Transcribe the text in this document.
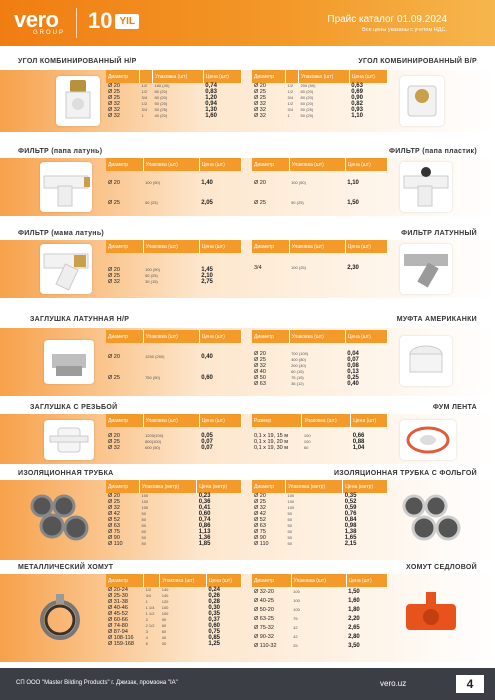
vero
GROUP 10 YIL	Прайс каталог 01.09.2024
Все цены указаны с учетом НДС.
УГОЛ КОМБИНИРОВАННЫЙ Н/Р	УГОЛ КОМБИНИРОВАННЫЙ В/Р
Диаметр		Упаковка (шт)	Цена (шт)
Ø 20	1/2	160 (40)	0,74
Ø 25	1/2	80 (20)	0,83
Ø 25	3/4	80 (20)	1,20
Ø 32	1/2	50 (25)	0,94
Ø 32	3/4	50 (25)	1,30
Ø 32	1	40 (20)	1,60
Диаметр		Упаковка (шт)	Цена (шт)
Ø 20	1/2	200 (50)	0,63
Ø 25	1/2	80 (20)	0,69
Ø 25	3/4	80 (20)	0,90
Ø 32	1/2	60 (20)	0,82
Ø 32	3/4	50 (25)	0,93
Ø 32	1	50 (25)	1,10
ФИЛЬТР (папа латунь)	ФИЛЬТР (папа пластик)
Диаметр	Упаковка (шт)	Цена (шт)
Ø 20	100 (50)	1,40
Ø 25	50 (25)	2,05
Диаметр	Упаковка (шт)	Цена (шт)
Ø 20	100 (50)	1,10
Ø 25	50 (25)	1,50
ФИЛЬТР (мама латунь)	ФИЛЬТР ЛАТУННЫЙ
Диаметр	Упаковка (шт)	Цена (шт)
Ø 20	100 (50)	1,45
Ø 25	50 (25)	2,10
Ø 32	30 (15)	2,75
Диаметр	Упаковка (шт)	Цена (шт)
3/4	100 (25)	2,30
ЗАГЛУШКА ЛАТУННАЯ Н/Р	МУФТА АМЕРИКАНКИ
Диаметр	Упаковка (шт)	Цена (шт)
Ø 20	1250 (250)	0,40
Ø 25	750 (50)	0,60
Диаметр	Упаковка (шт)	Цена (шт)
Ø 20	700 (100)	0,04
Ø 25	400 (80)	0,07
Ø 32	200 (40)	0,08
Ø 40	60 (15)	0,13
Ø 50	75 (15)	0,25
Ø 63	36 (12)	0,40
ЗАГЛУШКА С РЕЗЬБОЙ	ФУМ ЛЕНТА
Диаметр	Упаковка (шт)	Цена (шт)
Ø 20	1200(100)	0,05
Ø 25	800(100)	0,07
Ø 32	600 (50)	0,07
Размер	Упаковка (шт)	Цена (шт)
0,1 x 19, 15 м	100	0,66
0,1 x 19, 20 м	100	0,88
0,1 x 19, 30 м	60	1,04
ИЗОЛЯЦИОННАЯ ТРУБКА	ИЗОЛЯЦИОННАЯ ТРУБКА С ФОЛЬГОЙ
Диаметр	Упаковка (метр)	Цена (метр)
Ø 20	100	0,23
Ø 25	100	0,36
Ø 32	100	0,41
Ø 42	50	0,60
Ø 52	50	0,74
Ø 63	50	0,86
Ø 75	50	1,13
Ø 90	50	1,36
Ø 110	50	1,85
Диаметр	Упаковка (метр)	Цена (метр)
Ø 20	100	0,35
Ø 25	100	0,52
Ø 32	100	0,59
Ø 42	50	0,76
Ø 52	50	0,84
Ø 63	50	0,98
Ø 75	50	1,38
Ø 90	50	1,65
Ø 110	50	2,15
МЕТАЛЛИЧЕСКИЙ ХОМУТ	ХОМУТ СЕДЛОВОЙ
Диаметр		Упаковка (шт)	Цена (шт)
Ø 20-24	1/2	140	0,24
Ø 25-30	3/4	140	0,26
Ø 31-38	1	120	0,28
Ø 40-46	1 1/4	100	0,30
Ø 45-52	1 1/2	100	0,35
Ø 60-66	2	90	0,37
Ø 74-80	2 1/2	60	0,60
Ø 87-94	3	60	0,75
Ø 108-116	4	40	0,85
Ø 159-168	6	30	1,25
Диаметр	Упаковка (шт)	Цена (шт)
Ø 32-20	100	1,50
Ø 40-25	100	1,60
Ø 50-20	100	1,80
Ø 63-25	75	2,20
Ø 75-32	42	2,65
Ø 90-32	42	2,80
Ø 110-32	25	3,50
СП ООО "Master Bilding Products" г. Джизак, промзона "IA"	vero.uz	4
